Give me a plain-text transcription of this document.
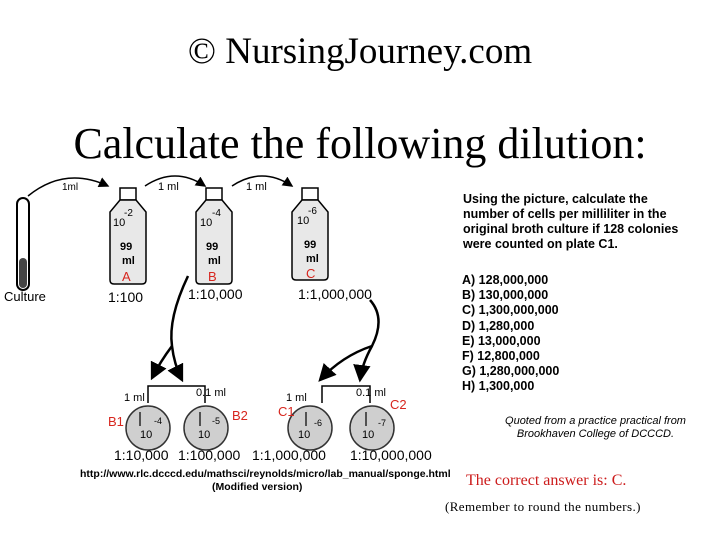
© NursingJourney.com
Calculate the following dilution:
Culture
1ml	1 ml	1 ml
-2
10
99
ml
A
1:100
-4
10
99
ml
B
1:10,000
-6
10
99
ml
C
1:1,000,000
1 ml	0.1 ml	1 ml	0.1 ml
-4
10
B1
1:10,000
-5
10
B2
1:100,000
-6
10
C1
1:1,000,000
-7
10
C2
1:10,000,000
http://www.rlc.dcccd.edu/mathsci/reynolds/micro/lab_manual/sponge.html
(Modified version)
Using the picture, calculate the number of cells per milliliter in the original broth culture if 128 colonies were counted on plate C1.
A) 128,000,000
B) 130,000,000
C) 1,300,000,000
D) 1,280,000
E) 13,000,000
F) 12,800,000
G) 1,280,000,000
H) 1,300,000
Quoted from a practice practical from Brookhaven College of DCCCD.
The correct answer is: C.
(Remember to round the numbers.)
